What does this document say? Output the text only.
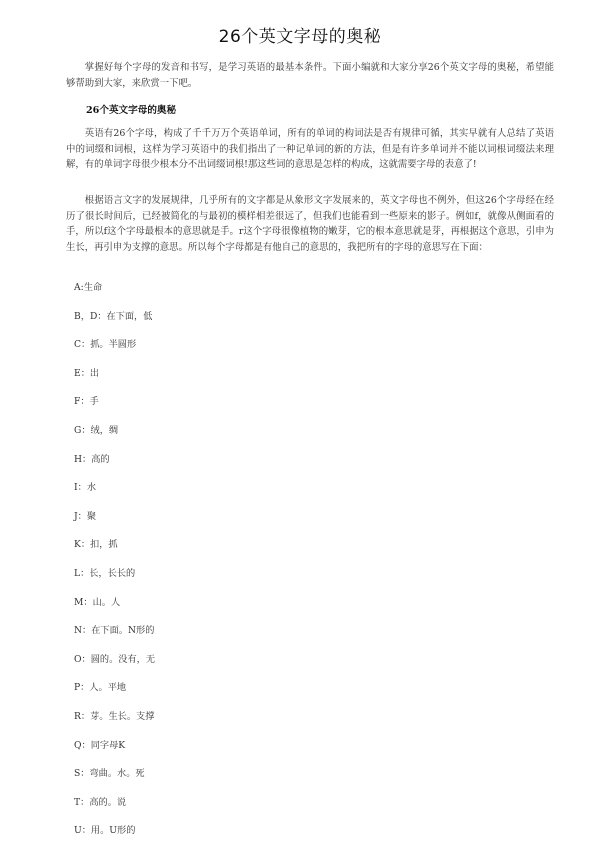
26个英文字母的奥秘

掌握好每个字母的发音和书写，是学习英语的最基本条件。下面小编就和大家分享26个英文字母的奥秘，希望能够帮助到大家，来欣赏一下吧。

26个英文字母的奥秘

英语有26个字母，构成了千千万万个英语单词，所有的单词的构词法是否有规律可循，其实早就有人总结了英语中的词缀和词根，这样为学习英语中的我们指出了一种记单词的新的方法，但是有许多单词并不能以词根词缀法来理解，有的单词字母很少根本分不出词缀词根!那这些词的意思是怎样的构成，这就需要字母的表意了!

根据语言文字的发展规律，几乎所有的文字都是从象形文字发展来的，英文字母也不例外，但这26个字母经在经历了很长时间后，已经被简化的与最初的模样相差很远了，但我们也能看到一些原来的影子。例如f，就像从侧面看的手，所以f这个字母最根本的意思就是手。r这个字母很像植物的嫩芽，它的根本意思就是芽，再根据这个意思，引申为生长，再引申为支撑的意思。所以每个字母都是有他自己的意思的，我把所有的字母的意思写在下面：

A:生命
B，D：在下面，低
C：抓。半圆形
E：出
F：手
G：绒，绸
H：高的
I：水
J：聚
K：扣，抓
L：长，长长的
M：山。人
N：在下面。N形的
O：圆的。没有，无
P：人。平地
R：芽。生长。支撑
Q：同字母K
S：弯曲。水。死
T：高的。说
U：用。U形的
